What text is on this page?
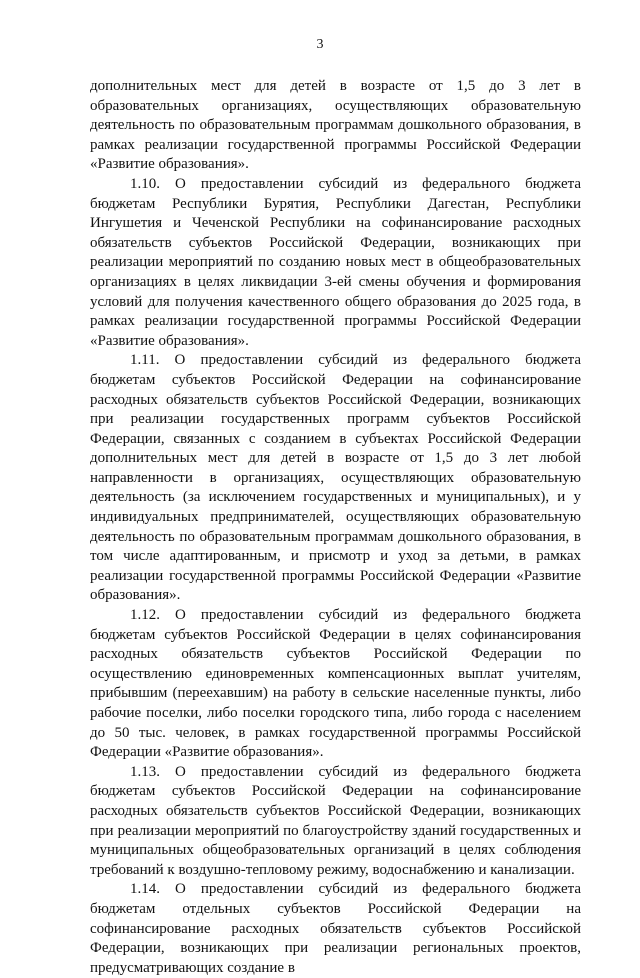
3

дополнительных мест для детей в возрасте от 1,5 до 3 лет в образовательных организациях, осуществляющих образовательную деятельность по образовательным программам дошкольного образования, в рамках реализации государственной программы Российской Федерации «Развитие образования».

1.10. О предоставлении субсидий из федерального бюджета бюджетам Республики Бурятия, Республики Дагестан, Республики Ингушетия и Чеченской Республики на софинансирование расходных обязательств субъектов Российской Федерации, возникающих при реализации мероприятий по созданию новых мест в общеобразовательных организациях в целях ликвидации 3-ей смены обучения и формирования условий для получения качественного общего образования до 2025 года, в рамках реализации государственной программы Российской Федерации «Развитие образования».

1.11. О предоставлении субсидий из федерального бюджета бюджетам субъектов Российской Федерации на софинансирование расходных обязательств субъектов Российской Федерации, возникающих при реализации государственных программ субъектов Российской Федерации, связанных с созданием в субъектах Российской Федерации дополнительных мест для детей в возрасте от 1,5 до 3 лет любой направленности в организациях, осуществляющих образовательную деятельность (за исключением государственных и муниципальных), и у индивидуальных предпринимателей, осуществляющих образовательную деятельность по образовательным программам дошкольного образования, в том числе адаптированным, и присмотр и уход за детьми, в рамках реализации государственной программы Российской Федерации «Развитие образования».

1.12. О предоставлении субсидий из федерального бюджета бюджетам субъектов Российской Федерации в целях софинансирования расходных обязательств субъектов Российской Федерации по осуществлению единовременных компенсационных выплат учителям, прибывшим (переехавшим) на работу в сельские населенные пункты, либо рабочие поселки, либо поселки городского типа, либо города с населением до 50 тыс. человек, в рамках государственной программы Российской Федерации «Развитие образования».

1.13. О предоставлении субсидий из федерального бюджета бюджетам субъектов Российской Федерации на софинансирование расходных обязательств субъектов Российской Федерации, возникающих при реализации мероприятий по благоустройству зданий государственных и муниципальных общеобразовательных организаций в целях соблюдения требований к воздушно-тепловому режиму, водоснабжению и канализации.

1.14. О предоставлении субсидий из федерального бюджета бюджетам отдельных субъектов Российской Федерации на софинансирование расходных обязательств субъектов Российской Федерации, возникающих при реализации региональных проектов, предусматривающих создание в
